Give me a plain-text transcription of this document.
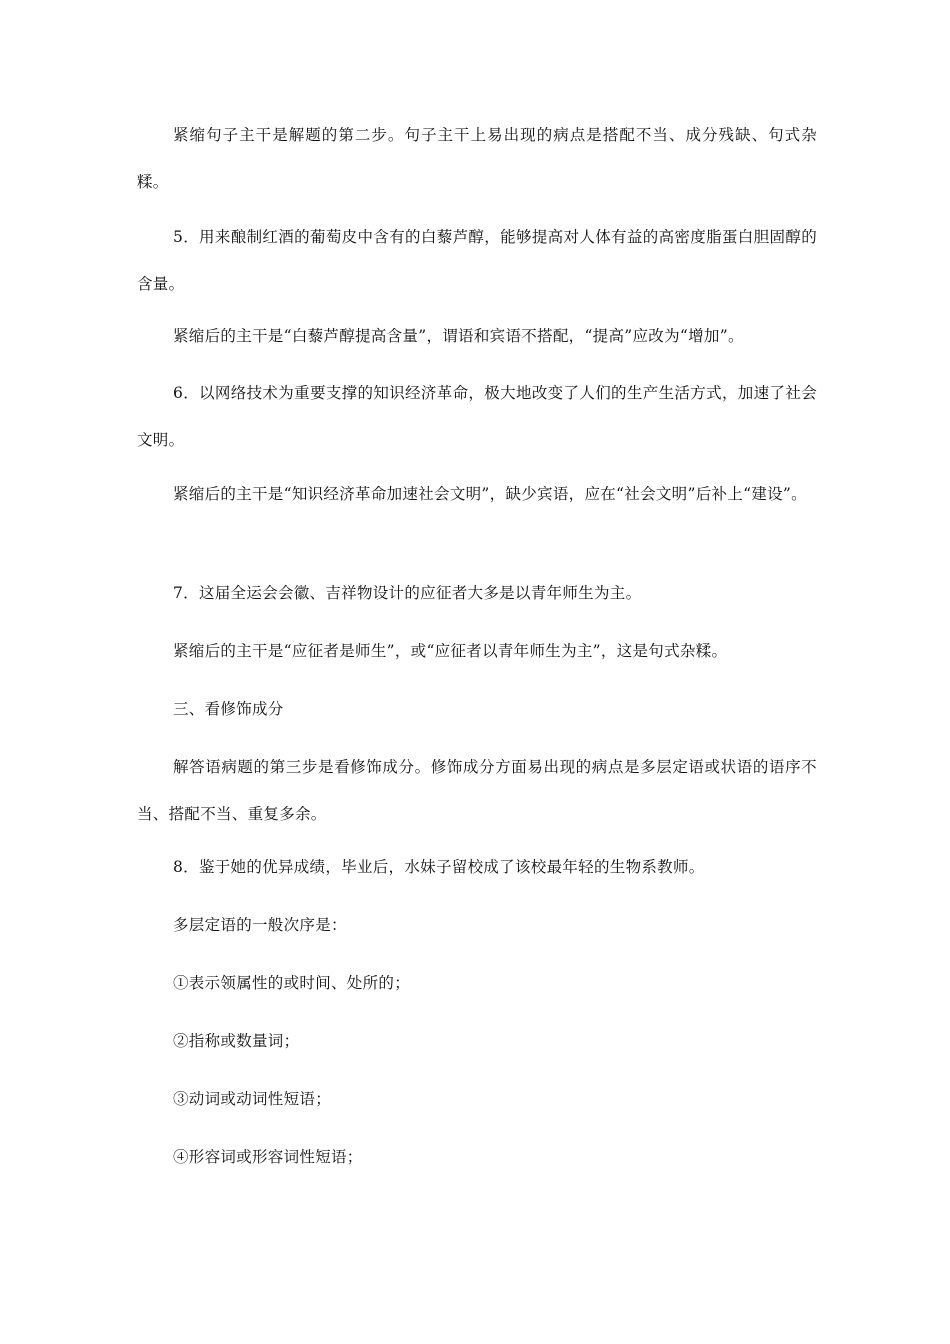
紧缩句子主干是解题的第二步。句子主干上易出现的病点是搭配不当、成分残缺、句式杂糅。

5．用来酿制红酒的葡萄皮中含有的白藜芦醇，能够提高对人体有益的高密度脂蛋白胆固醇的含量。

紧缩后的主干是“白藜芦醇提高含量”，谓语和宾语不搭配，“提高”应改为“增加”。

6．以网络技术为重要支撑的知识经济革命，极大地改变了人们的生产生活方式，加速了社会文明。

紧缩后的主干是“知识经济革命加速社会文明”，缺少宾语，应在“社会文明”后补上“建设”。

7．这届全运会会徽、吉祥物设计的应征者大多是以青年师生为主。

紧缩后的主干是“应征者是师生”，或“应征者以青年师生为主”，这是句式杂糅。

三、看修饰成分

解答语病题的第三步是看修饰成分。修饰成分方面易出现的病点是多层定语或状语的语序不当、搭配不当、重复多余。

8．鉴于她的优异成绩，毕业后，水妹子留校成了该校最年轻的生物系教师。

多层定语的一般次序是：

①表示领属性的或时间、处所的；

②指称或数量词；

③动词或动词性短语；

④形容词或形容词性短语；
